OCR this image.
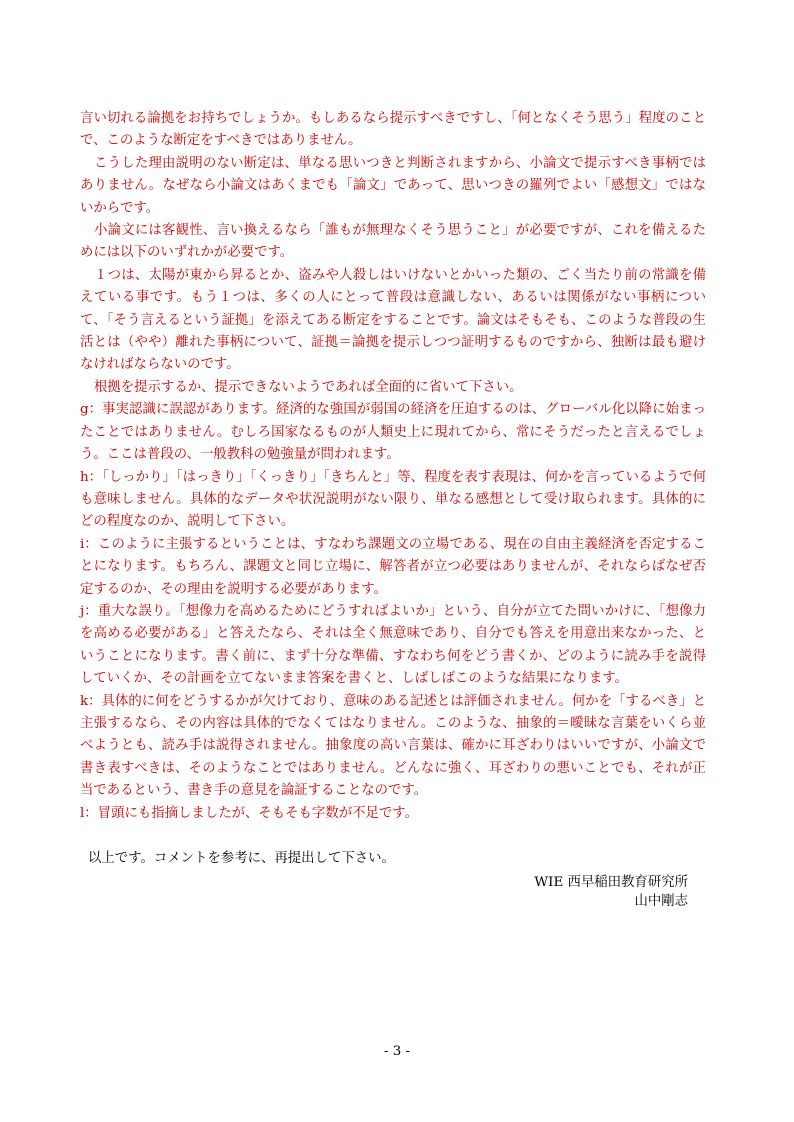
言い切れる論拠をお持ちでしょうか。もしあるなら提示すべきですし、「何となくそう思う」程度のことで、このような断定をすべきではありません。

こうした理由説明のない断定は、単なる思いつきと判断されますから、小論文で提示すべき事柄ではありません。なぜなら小論文はあくまでも「論文」であって、思いつきの羅列でよい「感想文」ではないからです。

小論文には客観性、言い換えるなら「誰もが無理なくそう思うこと」が必要ですが、これを備えるためには以下のいずれかが必要です。

１つは、太陽が東から昇るとか、盗みや人殺しはいけないとかいった類の、ごく当たり前の常識を備えている事です。もう１つは、多くの人にとって普段は意識しない、あるいは関係がない事柄について、「そう言えるという証拠」を添えてある断定をすることです。論文はそもそも、このような普段の生活とは（やや）離れた事柄について、証拠＝論拠を提示しつつ証明するものですから、独断は最も避けなければならないのです。

根拠を提示するか、提示できないようであれば全面的に省いて下さい。

g：事実認識に誤認があります。経済的な強国が弱国の経済を圧迫するのは、グローバル化以降に始まったことではありません。むしろ国家なるものが人類史上に現れてから、常にそうだったと言えるでしょう。ここは普段の、一般教科の勉強量が問われます。

h：「しっかり」「はっきり」「くっきり」「きちんと」等、程度を表す表現は、何かを言っているようで何も意味しません。具体的なデータや状況説明がない限り、単なる感想として受け取られます。具体的にどの程度なのか、説明して下さい。

i：このように主張するということは、すなわち課題文の立場である、現在の自由主義経済を否定することになります。もちろん、課題文と同じ立場に、解答者が立つ必要はありませんが、それならばなぜ否定するのか、その理由を説明する必要があります。

j：重大な誤り。「想像力を高めるためにどうすればよいか」という、自分が立てた問いかけに、「想像力を高める必要がある」と答えたなら、それは全く無意味であり、自分でも答えを用意出来なかった、ということになります。書く前に、まず十分な準備、すなわち何をどう書くか、どのように読み手を説得していくか、その計画を立てないまま答案を書くと、しばしばこのような結果になります。

k：具体的に何をどうするかが欠けており、意味のある記述とは評価されません。何かを「するべき」と主張するなら、その内容は具体的でなくてはなりません。このような、抽象的＝曖昧な言葉をいくら並べようとも、読み手は説得されません。抽象度の高い言葉は、確かに耳ざわりはいいですが、小論文で書き表すべきは、そのようなことではありません。どんなに強く、耳ざわりの悪いことでも、それが正当であるという、書き手の意見を論証することなのです。

l：冒頭にも指摘しましたが、そもそも字数が不足です。

以上です。コメントを参考に、再提出して下さい。

WIE 西早稲田教育研究所

山中剛志

- 3 -
